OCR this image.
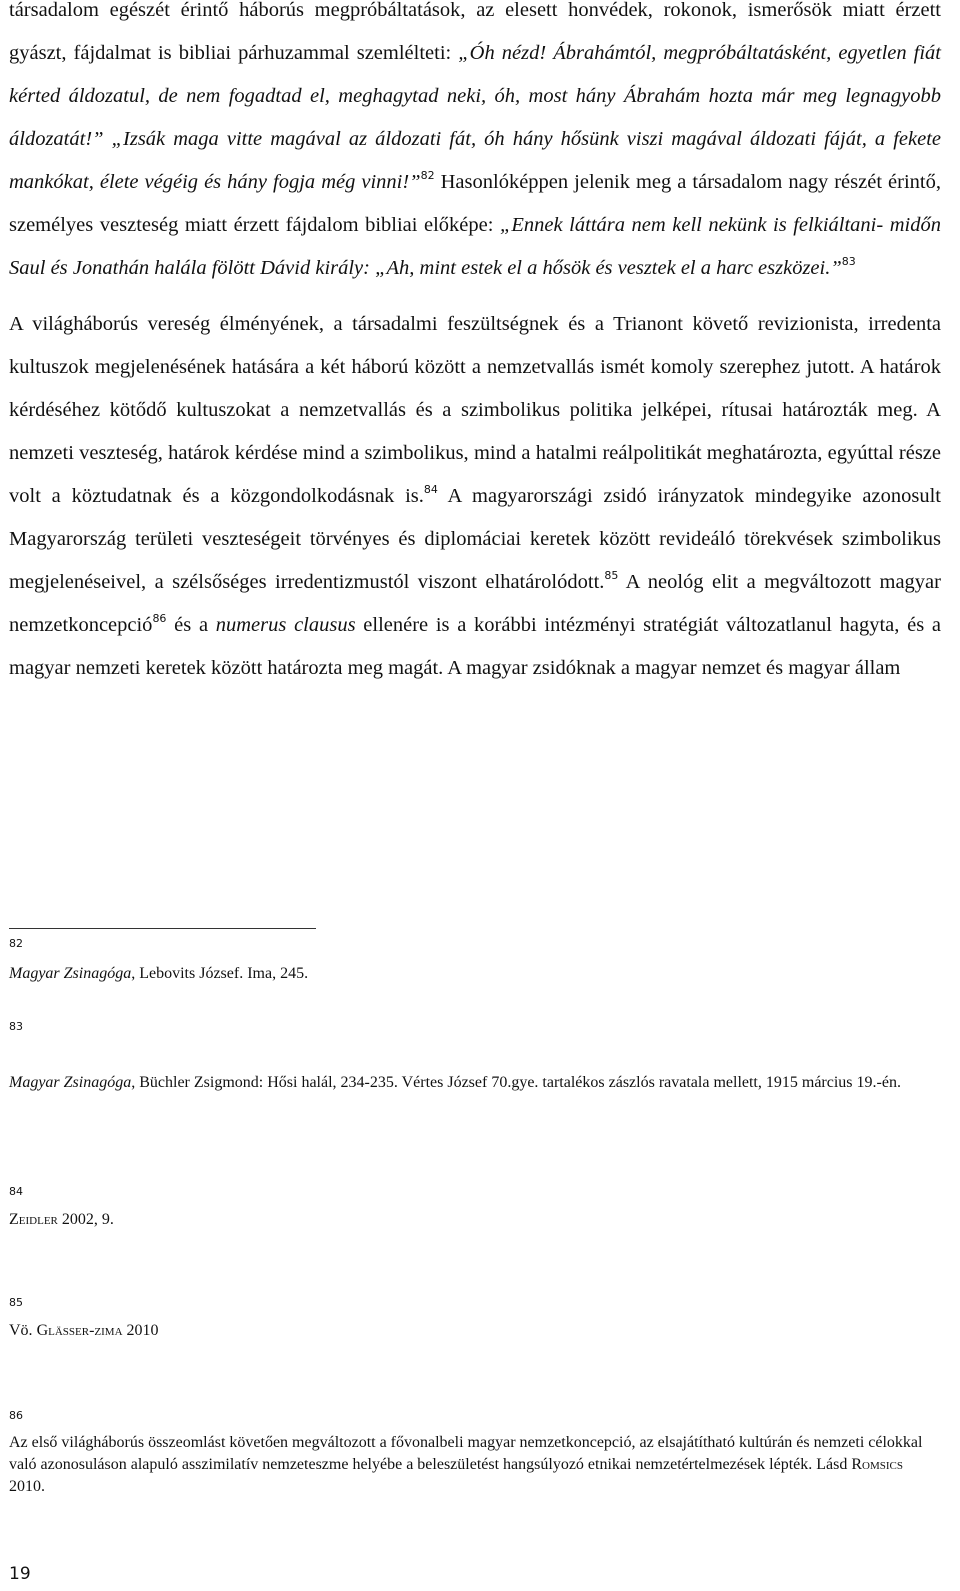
társadalom egészét érintő háborús megpróbáltatások, az elesett honvédek, rokonok, ismerősök miatt érzett gyászt, fájdalmat is bibliai párhuzammal szemlélteti: „Óh nézd! Ábrahámtól, megpróbáltatásként, egyetlen fiát kérted áldozatul, de nem fogadtad el, meghagytad neki, óh, most hány Ábrahám hozta már meg legnagyobb áldozatát!” „Izsák maga vitte magával az áldozati fát, óh hány hősünk viszi magával áldozati fáját, a fekete mankókat, élete végéig és hány fogja még vinni!”$^{82}$ Hasonlóképpen jelenik meg a társadalom nagy részét érintő, személyes veszteség miatt érzett fájdalom bibliai előképe: „Ennek láttára nem kell nekünk is felkiáltani- midőn Saul és Jonathán halála fölött Dávid király: „Ah, mint estek el a hősök és vesztek el a harc eszközei.”$^{83}$

A világháborús vereség élményének, a társadalmi feszültségnek és a Trianont követő revizionista, irredenta kultuszok megjelenésének hatására a két háború között a nemzetvallás ismét komoly szerephez jutott. A határok kérdéséhez kötődő kultuszokat a nemzetvallás és a szimbolikus politika jelképei, rítusai határozták meg. A nemzeti veszteség, határok kérdése mind a szimbolikus, mind a hatalmi reálpolitikát meghatározta, egyúttal része volt a köztudatnak és a közgondolkodásnak is.$^{84}$ A magyarországi zsidó irányzatok mindegyike azonosult Magyarország területi veszteségeit törvényes és diplomáciai keretek között revideáló törekvések szimbolikus megjelenéseivel, a szélsőséges irredentizmustól viszont elhatárolódott.$^{85}$ A neológ elit a megváltozott magyar nemzetkoncepció$^{86}$ és a numerus clausus ellenére is a korábbi intézményi stratégiát változatlanul hagyta, és a magyar nemzeti keretek között határozta meg magát. A magyar zsidóknak a magyar nemzet és magyar állam

82
Magyar Zsinagóga, Lebovits József. Ima, 245.
83
Magyar Zsinagóga, Büchler Zsigmond: Hősi halál, 234-235. Vértes József 70.gye. tartalékos zászlós ravatala mellett, 1915 március 19.-én.
84
Zeidler 2002, 9.
85
Vö. Glässer-zima 2010
86
Az első világháborús összeomlást követően megváltozott a fővonalbeli magyar nemzetkoncepció, az elsajátítható kultúrán és nemzeti célokkal való azonosuláson alapuló asszimilatív nemzeteszme helyébe a beleszületést hangsúlyozó etnikai nemzetértelmezések lépték. Lásd Romsics 2010.
19
